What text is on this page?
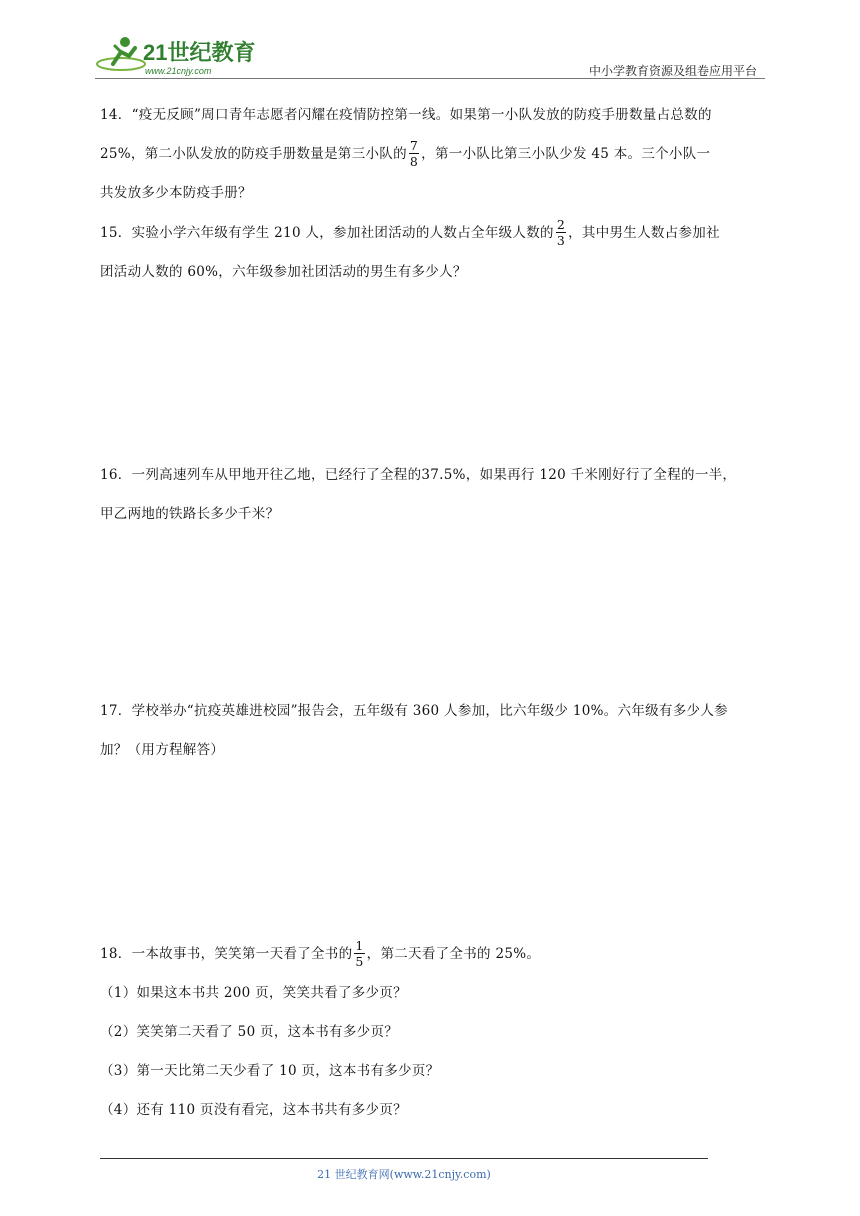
21世纪教育
www.21cnjy.com	中小学教育资源及组卷应用平台
14．“疫无反顾”周口青年志愿者闪耀在疫情防控第一线。如果第一小队发放的防疫手册数量占总数的
25%，第二小队发放的防疫手册数量是第三小队的 $\frac{7}{8}$ ，第一小队比第三小队少发 45 本。三个小队一
共发放多少本防疫手册？
15．实验小学六年级有学生 210 人，参加社团活动的人数占全年级人数的 $\frac{2}{3}$ ，其中男生人数占参加社
团活动人数的 60%，六年级参加社团活动的男生有多少人？
16．一列高速列车从甲地开往乙地，已经行了全程的37.5%，如果再行 120 千米刚好行了全程的一半，
甲乙两地的铁路长多少千米？
17．学校举办“抗疫英雄进校园”报告会，五年级有 360 人参加，比六年级少 10%。六年级有多少人参
加？（用方程解答）
18．一本故事书，笑笑第一天看了全书的 $\frac{1}{5}$ ，第二天看了全书的 25%。
（1）如果这本书共 200 页，笑笑共看了多少页？
（2）笑笑第二天看了 50 页，这本书有多少页？
（3）第一天比第二天少看了 10 页，这本书有多少页？
（4）还有 110 页没有看完，这本书共有多少页？
21 世纪教育网(www.21cnjy.com)
